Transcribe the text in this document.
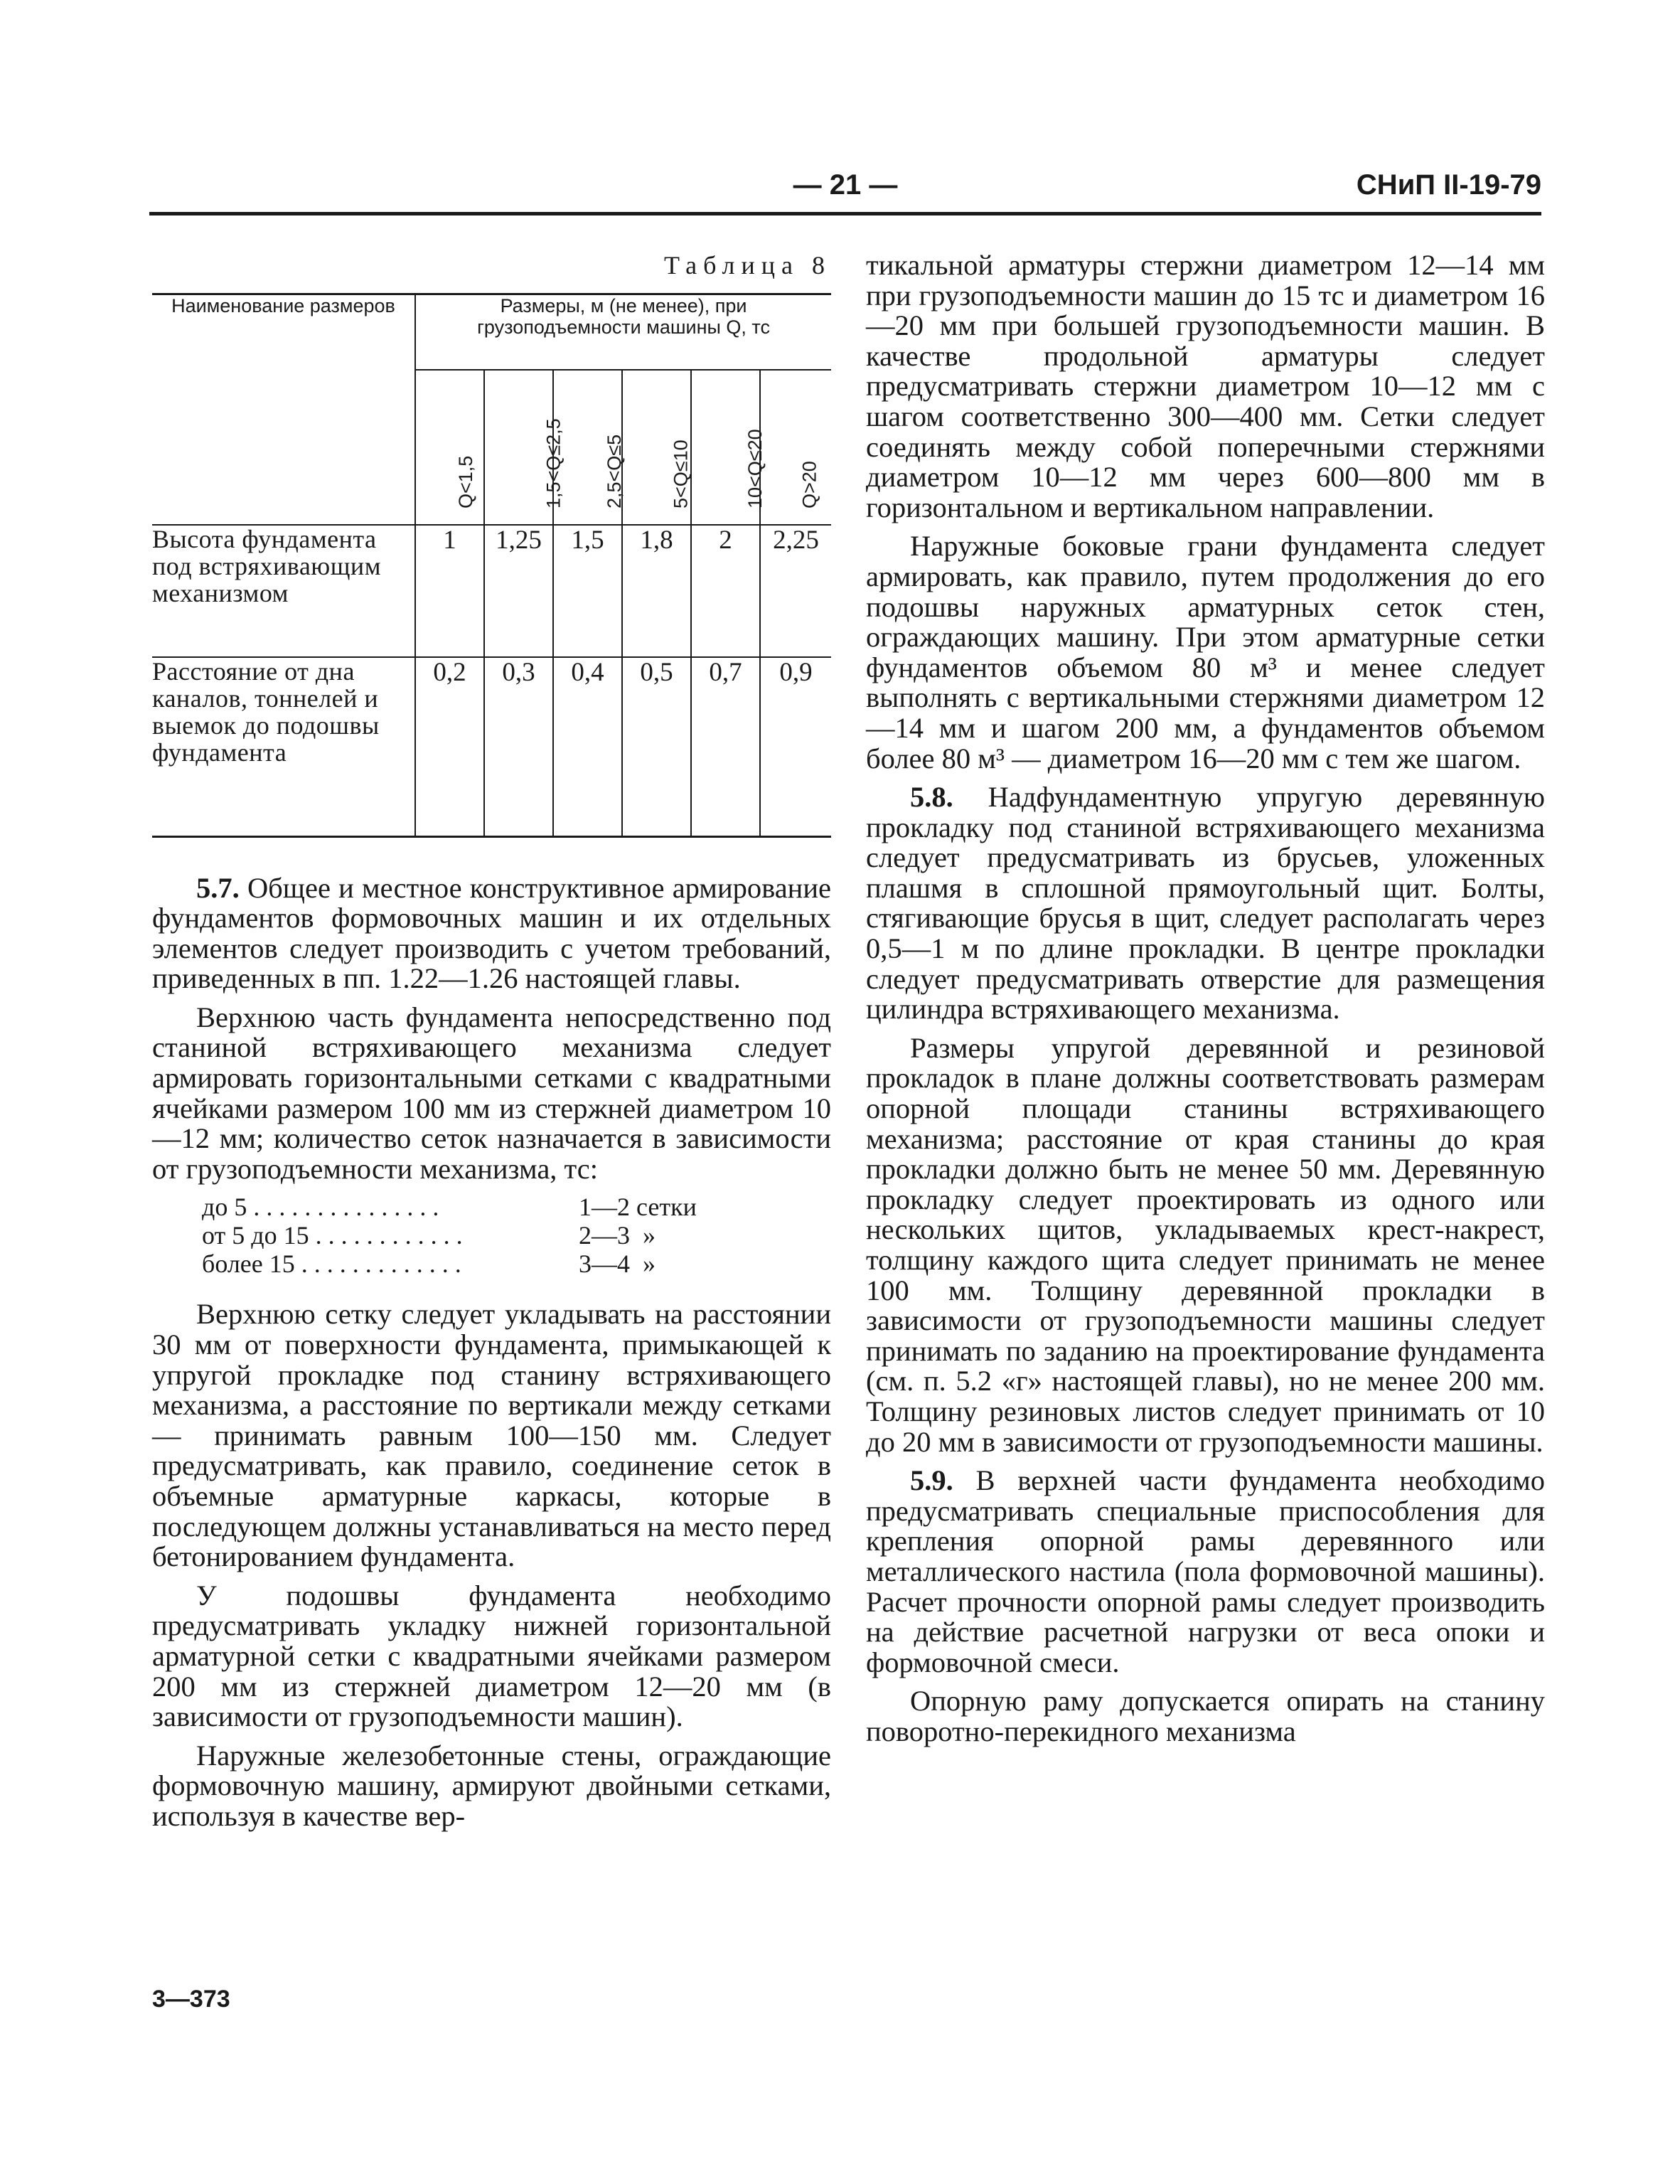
— 21 —	СНиП II-19-79
Таблица 8
Наименование размеров	Размеры, м (не менее), при грузоподъемности машины Q, тс					

	Q<1,5	1,5<Q≤2,5	2,5<Q≤5	5<Q≤10	10<Q≤20	Q>20

Высота фундамента под встряхивающим механизмом	1	1,25	1,5	1,8	2	2,25
Расстояние от дна каналов, тоннелей и выемок до подошвы фундамента	0,2	0,3	0,4	0,5	0,7	0,9

5.7. Общее и местное конструктивное армирование фундаментов формовочных машин и их отдельных элементов следует производить с учетом требований, приведенных в пп. 1.22—1.26 настоящей главы.

Верхнюю часть фундамента непосредственно под станиной встряхивающего механизма следует армировать горизонтальными сетками с квадратными ячейками размером 100 мм из стержней диаметром 10—12 мм; количество сеток назначается в зависимости от грузоподъемности механизма, тс:

до 5 . . . . . . . . . . . . . . .	1—2 сетки
от 5 до 15 . . . . . . . . . . . .	2—3  »
более 15 . . . . . . . . . . . . .	3—4  »

Верхнюю сетку следует укладывать на расстоянии 30 мм от поверхности фундамента, примыкающей к упругой прокладке под станину встряхивающего механизма, а расстояние по вертикали между сетками — принимать равным 100—150 мм. Следует предусматривать, как правило, соединение сеток в объемные арматурные каркасы, которые в последующем должны устанавливаться на место перед бетонированием фундамента.

У подошвы фундамента необходимо предусматривать укладку нижней горизонтальной арматурной сетки с квадратными ячейками размером 200 мм из стержней диаметром 12—20 мм (в зависимости от грузоподъемности машин).

Наружные железобетонные стены, ограждающие формовочную машину, армируют двойными сетками, используя в качестве вер-

тикальной арматуры стержни диаметром 12—14 мм при грузоподъемности машин до 15 тс и диаметром 16—20 мм при большей грузоподъемности машин. В качестве продольной арматуры следует предусматривать стержни диаметром 10—12 мм с шагом соответственно 300—400 мм. Сетки следует соединять между собой поперечными стержнями диаметром 10—12 мм через 600—800 мм в горизонтальном и вертикальном направлении.

Наружные боковые грани фундамента следует армировать, как правило, путем продолжения до его подошвы наружных арматурных сеток стен, ограждающих машину. При этом арматурные сетки фундаментов объемом 80 м³ и менее следует выполнять с вертикальными стержнями диаметром 12—14 мм и шагом 200 мм, а фундаментов объемом более 80 м³ — диаметром 16—20 мм с тем же шагом.

5.8. Надфундаментную упругую деревянную прокладку под станиной встряхивающего механизма следует предусматривать из брусьев, уложенных плашмя в сплошной прямоугольный щит. Болты, стягивающие брусья в щит, следует располагать через 0,5—1 м по длине прокладки. В центре прокладки следует предусматривать отверстие для размещения цилиндра встряхивающего механизма.

Размеры упругой деревянной и резиновой прокладок в плане должны соответствовать размерам опорной площади станины встряхивающего механизма; расстояние от края станины до края прокладки должно быть не менее 50 мм. Деревянную прокладку следует проектировать из одного или нескольких щитов, укладываемых крест-накрест, толщину каждого щита следует принимать не менее 100 мм. Толщину деревянной прокладки в зависимости от грузоподъемности машины следует принимать по заданию на проектирование фундамента (см. п. 5.2 «г» настоящей главы), но не менее 200 мм. Толщину резиновых листов следует принимать от 10 до 20 мм в зависимости от грузоподъемности машины.

5.9. В верхней части фундамента необходимо предусматривать специальные приспособления для крепления опорной рамы деревянного или металлического настила (пола формовочной машины). Расчет прочности опорной рамы следует производить на действие расчетной нагрузки от веса опоки и формовочной смеси.

Опорную раму допускается опирать на станину поворотно-перекидного механизма

3—373
